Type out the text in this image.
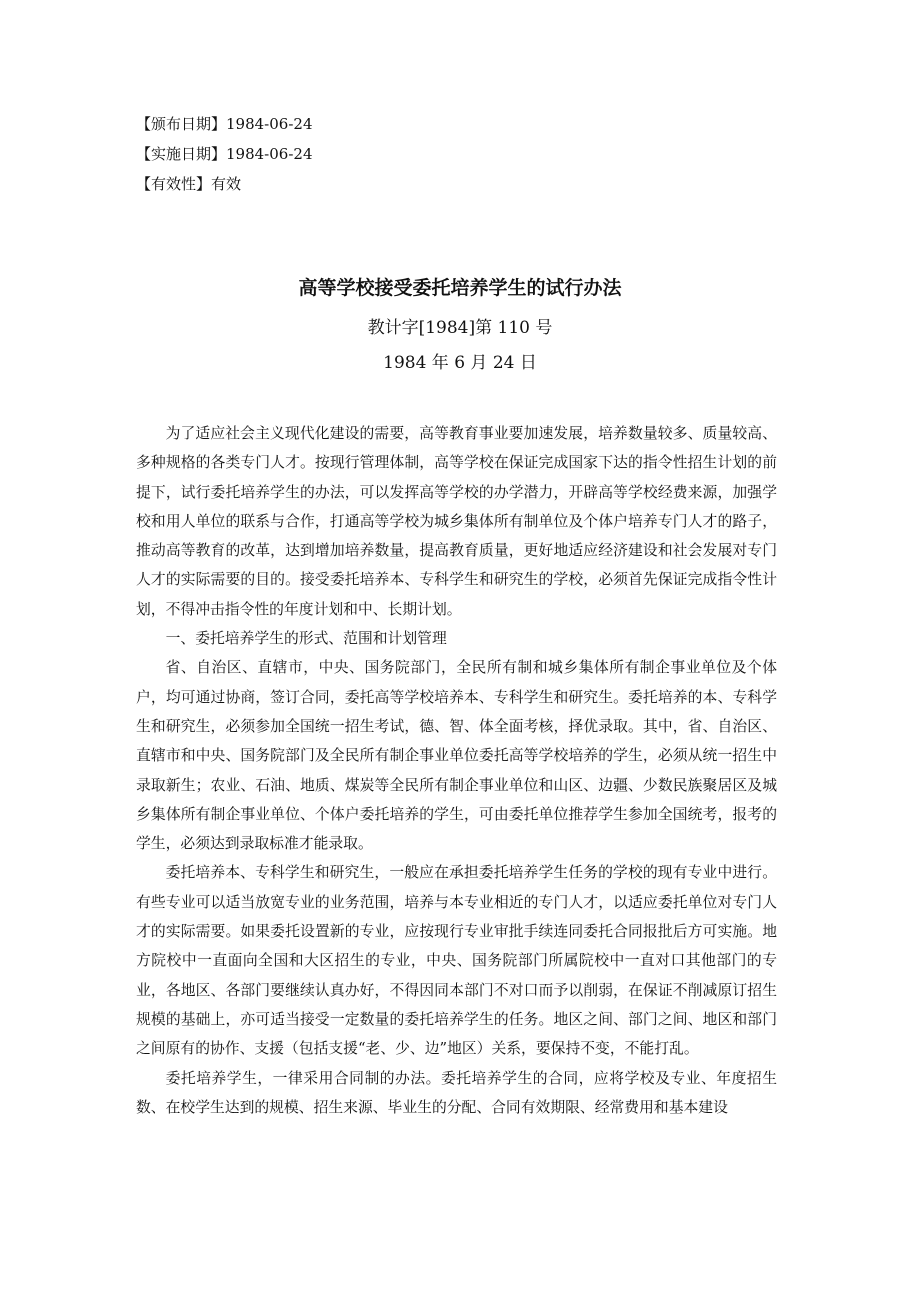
【颁布日期】1984-06-24
【实施日期】1984-06-24
【有效性】有效
高等学校接受委托培养学生的试行办法
教计字[1984]第 110 号
1984 年 6 月 24 日

为了适应社会主义现代化建设的需要，高等教育事业要加速发展，培养数量较多、质量较高、多种规格的各类专门人才。按现行管理体制，高等学校在保证完成国家下达的指令性招生计划的前提下，试行委托培养学生的办法，可以发挥高等学校的办学潜力，开辟高等学校经费来源，加强学校和用人单位的联系与合作，打通高等学校为城乡集体所有制单位及个体户培养专门人才的路子，推动高等教育的改革，达到增加培养数量，提高教育质量，更好地适应经济建设和社会发展对专门人才的实际需要的目的。接受委托培养本、专科学生和研究生的学校，必须首先保证完成指令性计划，不得冲击指令性的年度计划和中、长期计划。

一、委托培养学生的形式、范围和计划管理

省、自治区、直辖市，中央、国务院部门，全民所有制和城乡集体所有制企事业单位及个体户，均可通过协商，签订合同，委托高等学校培养本、专科学生和研究生。委托培养的本、专科学生和研究生，必须参加全国统一招生考试，德、智、体全面考核，择优录取。其中，省、自治区、直辖市和中央、国务院部门及全民所有制企事业单位委托高等学校培养的学生，必须从统一招生中录取新生；农业、石油、地质、煤炭等全民所有制企事业单位和山区、边疆、少数民族聚居区及城乡集体所有制企事业单位、个体户委托培养的学生，可由委托单位推荐学生参加全国统考，报考的学生，必须达到录取标准才能录取。

委托培养本、专科学生和研究生，一般应在承担委托培养学生任务的学校的现有专业中进行。有些专业可以适当放宽专业的业务范围，培养与本专业相近的专门人才，以适应委托单位对专门人才的实际需要。如果委托设置新的专业，应按现行专业审批手续连同委托合同报批后方可实施。地方院校中一直面向全国和大区招生的专业，中央、国务院部门所属院校中一直对口其他部门的专业，各地区、各部门要继续认真办好，不得因同本部门不对口而予以削弱，在保证不削减原订招生规模的基础上，亦可适当接受一定数量的委托培养学生的任务。地区之间、部门之间、地区和部门之间原有的协作、支援（包括支援“老、少、边”地区）关系，要保持不变，不能打乱。

委托培养学生，一律采用合同制的办法。委托培养学生的合同，应将学校及专业、年度招生数、在校学生达到的规模、招生来源、毕业生的分配、合同有效期限、经常费用和基本建设
